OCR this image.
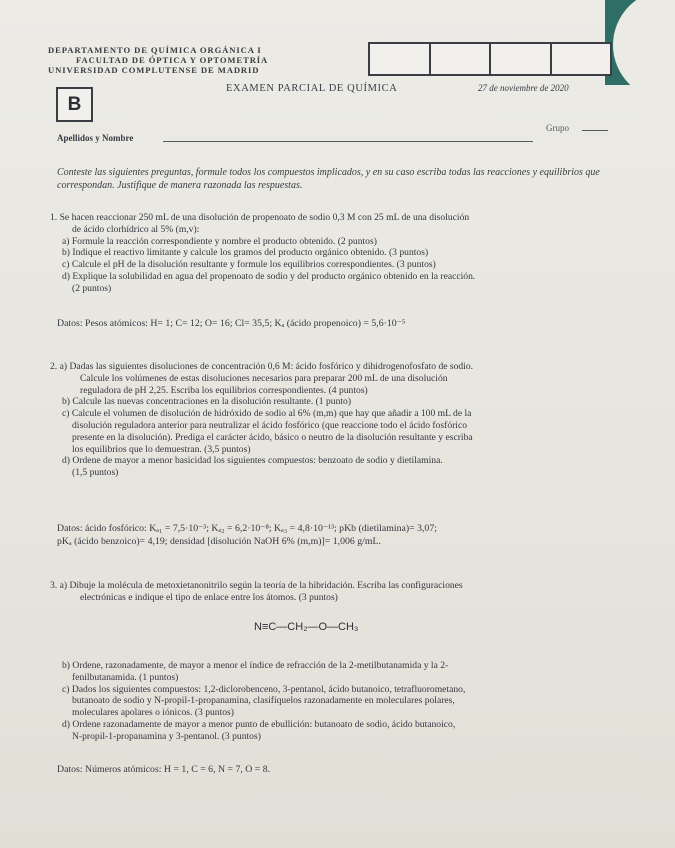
DEPARTAMENTO DE QUÍMICA ORGÁNICA I
FACULTAD DE ÓPTICA Y OPTOMETRÍA
UNIVERSIDAD COMPLUTENSE DE MADRID
B
EXAMEN PARCIAL DE QUÍMICA	27 de noviembre de 2020
Apellidos y Nombre
Grupo
Conteste las siguientes preguntas, formule todos los compuestos implicados, y en su caso escriba todas las reacciones y equilibrios que correspondan. Justifique de manera razonada las respuestas.

1. Se hacen reaccionar 250 mL de una disolución de propenoato de sodio 0,3 M con 25 mL de una disolución

de ácido clorhídrico al 5% (m,v):

a) Formule la reacción correspondiente y nombre el producto obtenido. (2 puntos)

b) Indique el reactivo limitante y calcule los gramos del producto orgánico obtenido. (3 puntos)

c) Calcule el pH de la disolución resultante y formule los equilibrios correspondientes. (3 puntos)

d) Explique la solubilidad en agua del propenoato de sodio y del producto orgánico obtenido en la reacción.

(2 puntos)

Datos: Pesos atómicos: H= 1; C= 12; O= 16; Cl= 35,5; Kₐ (ácido propenoico) = 5,6·10⁻⁵

2. a) Dadas las siguientes disoluciones de concentración 0,6 M: ácido fosfórico y dihidrogenofosfato de sodio.

Calcule los volúmenes de estas disoluciones necesarios para preparar 200 mL de una disolución

reguladora de pH 2,25. Escriba los equilibrios correspondientes. (4 puntos)

b) Calcule las nuevas concentraciones en la disolución resultante. (1 punto)

c) Calcule el volumen de disolución de hidróxido de sodio al 6% (m,m) que hay que añadir a 100 mL de la

disolución reguladora anterior para neutralizar el ácido fosfórico (que reaccione todo el ácido fosfórico

presente en la disolución). Prediga el carácter ácido, básico o neutro de la disolución resultante y escriba

los equilibrios que lo demuestran. (3,5 puntos)

d) Ordene de mayor a menor basicidad los siguientes compuestos: benzoato de sodio y dietilamina.

(1,5 puntos)

Datos: ácido fosfórico: Kₐ₁ = 7,5·10⁻³; Kₐ₂ = 6,2·10⁻⁸; Kₐ₃ = 4,8·10⁻¹³; pKb (dietilamina)= 3,07;
pKₐ (ácido benzoico)= 4,19; densidad [disolución NaOH 6% (m,m)]= 1,006 g/mL.

3. a) Dibuje la molécula de metoxietanonitrilo según la teoría de la hibridación. Escriba las configuraciones

electrónicas e indique el tipo de enlace entre los átomos. (3 puntos)

N≡C—CH₂—O—CH₃

b) Ordene, razonadamente, de mayor a menor el índice de refracción de la 2-metilbutanamida y la 2-

fenilbutanamida. (1 puntos)

c) Dados los siguientes compuestos: 1,2-diclorobenceno, 3-pentanol, ácido butanoico, tetrafluorometano,

butanoato de sodio y N-propil-1-propanamina, clasifíquelos razonadamente en moleculares polares,

moleculares apolares o iónicos. (3 puntos)

d) Ordene razonadamente de mayor a menor punto de ebullición: butanoato de sodio, ácido butanoico,

N-propil-1-propanamina y 3-pentanol. (3 puntos)

Datos: Números atómicos: H = 1, C = 6, N = 7, O = 8.
